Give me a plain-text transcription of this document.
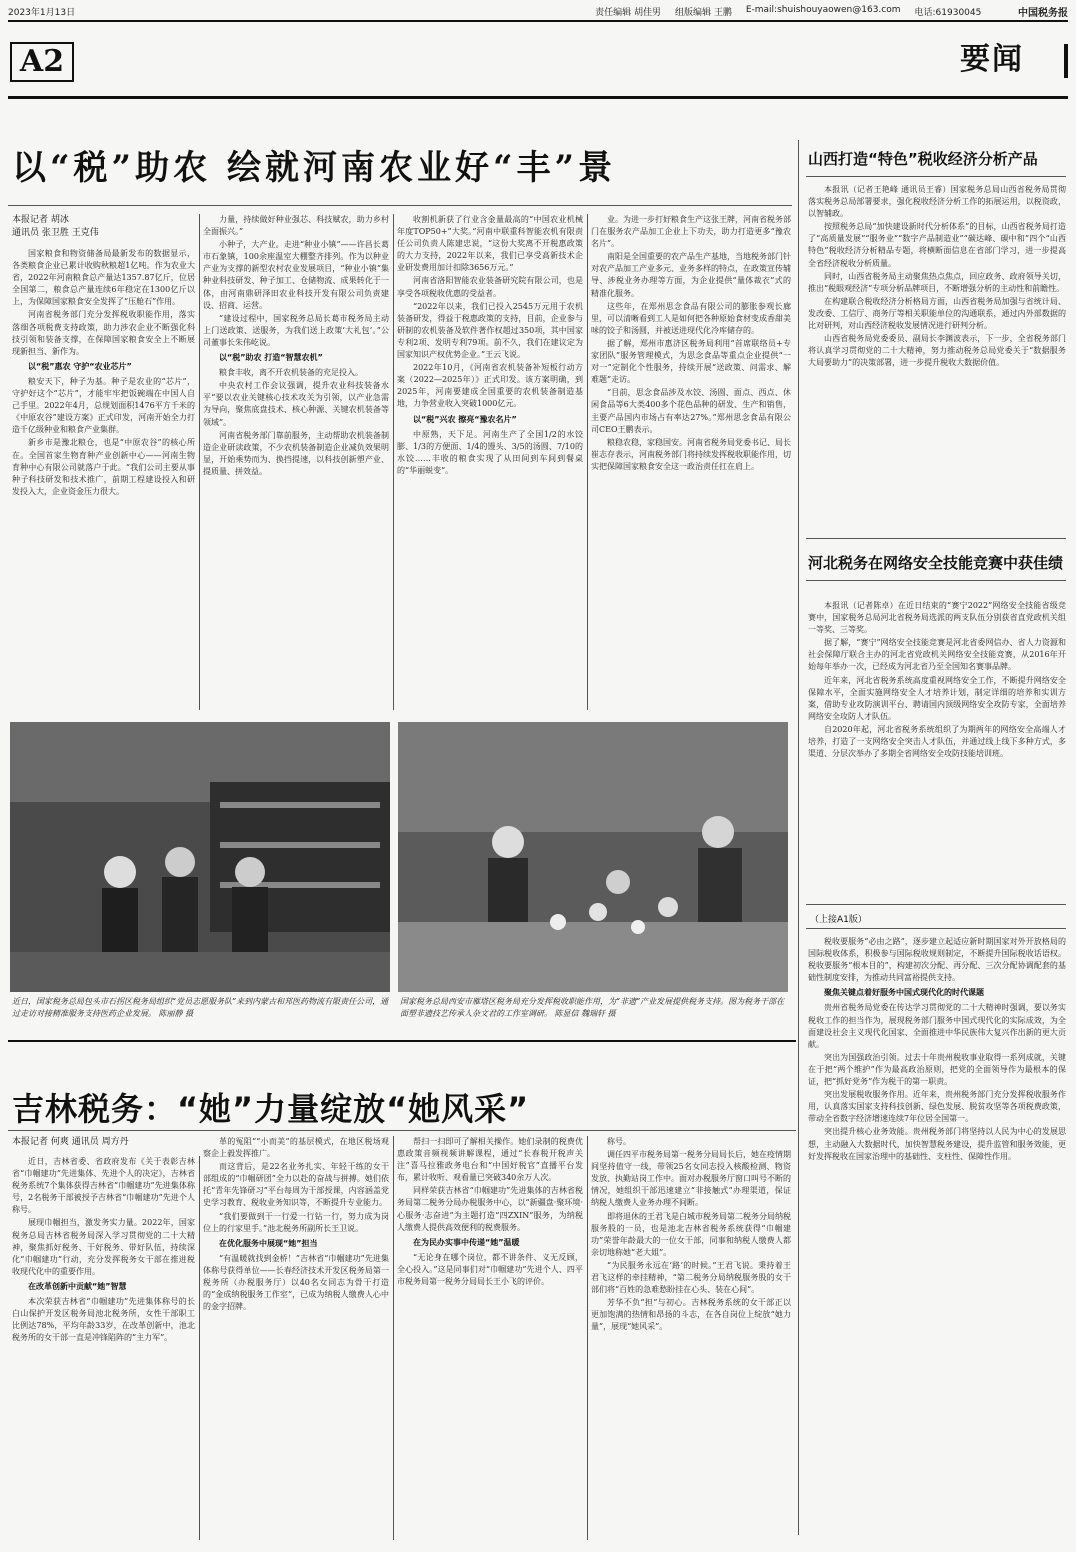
2023年1月13日	责任编辑 胡佳男 组版编辑 王鹏 E-mail:shuishouyaowen@163.com 电话:61930045	中国税务报
A2	要闻
以“税”助农 绘就河南农业好“丰”景
本报记者 胡冰
通讯员 张卫胜 王克伟

国家粮食和物资储备局最新发布的数据显示，各类粮食企业已累计收购秋粮超1亿吨。作为农业大省，2022年河南粮食总产量达1357.87亿斤，位居全国第二，粮食总产量连续6年稳定在1300亿斤以上，为保障国家粮食安全发挥了“压舱石”作用。

河南省税务部门充分发挥税收职能作用，落实落细各项税费支持政策，助力涉农企业不断强化科技引领和装备支撑，在保障国家粮食安全上不断展现新担当、新作为。

以“税”惠农 守护“农业芯片”

粮安天下，种子为基。种子是农业的“芯片”，守护好这个“芯片”，才能牢牢把饭碗端在中国人自己手里。2022年4月，总规划面积1476平方千米的《中原农谷”建设方案》正式印发，河南开始全力打造千亿级种业和粮食产业集群。

新乡市是豫北粮仓，也是“中原农谷”的核心所在。全国首家生物育种产业创新中心——河南生物育种中心有限公司就落户于此。“我们公司主要从事种子科技研发和技术推广，前期工程建设投入和研发投入大，企业资金压力很大。

力量，持续做好种业强芯、科技赋农，助力乡村全面振兴。”

小种子，大产业。走进“种业小镇”——许昌长葛市石象镇，100余座温室大棚整齐排列。作为以种业产业为支撑的新型农村农业发展项目，“种业小镇”集种业科技研发、种子加工、仓储物流、成果转化于一体，由河南鼎研泽田农业科技开发有限公司负责建设、招商、运营。

“建设过程中，国家税务总局长葛市税务局主动上门送政策、送服务，为我们送上政策‘大礼包’。”公司董事长朱伟屹说。

以“税”助农 打造“智慧农机”

粮食丰收，离不开农机装备的充足投入。

中央农村工作会议强调，提升农业科技装备水平“要以农业关键核心技术攻关为引领，以产业急需为导向，聚焦底盘技术、核心种源、关键农机装备等领域”。

河南省税务部门靠前服务，主动帮助农机装备制造企业研读政策，不少农机装备制造企业减负效果明显，开始乘势而为、换挡提速，以科技创新塑产业、提质量、拼效益。

收割机新获了行业含金量最高的“中国农业机械年度TOP50+”大奖。”河南中联重科智能农机有限责任公司负责人陈建忠说，“这份大奖离不开税惠政策的大力支持，2022年以来，我们已享受高新技术企业研发费用加计扣除3656万元。”

河南省洛阳智能农业装备研究院有限公司，也是享受各项税收优惠的受益者。

“2022年以来，我们已投入2545万元用于农机装备研发，得益于税惠政策的支持，目前，企业参与研制的农机装备及软件著作权超过350项，其中国家专利2项、发明专利79项。前不久，我们在建议定为国家知识产权优势企业。”王云飞说。

2022年10月，《河南省农机装备补短板行动方案（2022—2025年）》正式印发。该方案明确，到2025年，河南要建成全国重要的农机装备制造基地，力争营业收入突破1000亿元。

以“税”兴农 擦亮“豫农名片”

中原熟，天下足。河南生产了全国1/2的水饺膨、1/3的方便面、1/4的馒头、3/5的汤圆、7/10的水饺……丰收的粮食实现了从田间到车间到餐桌的“华丽蜕变”。

业。为进一步打好粮食生产这张王牌，河南省税务部门在服务农产品加工企业上下功夫，助力打造更多“豫农名片”。

南阳是全国重要的农产品生产基地，当地税务部门针对农产品加工产业多元、业务多样的特点，在政策宣传辅导、涉税业务办理等方面，为企业提供“量体裁衣”式的精准化服务。

这些年，在郑州思念食品有限公司的膨胀参观长廊里，可以清晰看到工人是如何把各种原始食材变成香甜美味的饺子和汤圆，并被送进现代化冷库储存的。

据了解，郑州市惠济区税务局利用“首席联络员+专家团队”服务管理模式，为思念食品等重点企业提供“一对一”定制化个性服务，持续开展“送政策、问需求、解难题”走访。

“目前，思念食品涉及水饺、汤圆、面点、西点、休闲食品等6大类400多个花色品种的研发、生产和销售，主要产品国内市场占有率达27%。”郑州思念食品有限公司CEO王鹏表示。

粮稳农稳，家稳国安。河南省税务局党委书记、局长崔志存表示，河南税务部门将持续发挥税收职能作用，切实把保障国家粮食安全这一政治责任扛在肩上。

近日，国家税务总局包头市石拐区税务局组织“党员志愿服务队”来到内蒙古和邦医药物流有限责任公司，通过走访对接精准服务支持医药企业发展。 陈丽静 摄
国家税务总局西安市雁塔区税务局充分发挥税收职能作用，为“非遗”产业发展提供税务支持。图为税务干部在面塑非遗技艺传承人杂文君的工作室调研。 陈显信 魏瑞轩 摄
山西打造“特色”税收经济分析产品

本报讯（记者王艳峰 通讯员王睿）国家税务总局山西省税务局贯彻落实税务总局部署要求，强化税收经济分析工作的拓展运用，以税资政，以智辅政。

按照税务总局“加快建设新时代分析体系”的目标，山西省税务局打造了“高质量发展”“服务业”“数字产品制造业”“碳达峰、碳中和”四个“山西特色”税收经济分析精品专题，将横断面信息在省部门学习，进一步提高全省经济税收分析质量。

同时，山西省税务局主动聚焦热点焦点，回应政务、政府领导关切，推出“税眼观经济”专项分析品牌项目，不断增强分析的主动性和前瞻性。

在构建联合税收经济分析格局方面，山西省税务局加强与省统计局、发改委、工信厅、商务厅等相关职能单位的沟通联系，通过内外部数据的比对研判，对山西经济税收发展情况进行研判分析。

山西省税务局党委委员、副局长李渊波表示，下一步，全省税务部门将认真学习贯彻党的二十大精神，努力推动税务总局党委关于“数据服务大局要助力”的决策部署，进一步提升税收大数据价值。

河北税务在网络安全技能竞赛中获佳绩

本报讯（记者陈卓）在近日结束的“赛宁2022”网络安全技能省级竞赛中，国家税务总局河北省税务局选派的两支队伍分别获省直党政机关组一等奖、三等奖。

据了解，“赛宁”网络安全技能竞赛是河北省委网信办、省人力资源和社会保障厅联合主办的河北省党政机关网络安全技能竞赛，从2016年开始每年举办一次，已经成为河北省乃至全国知名赛事品牌。

近年来，河北省税务系统高度重视网络安全工作，不断提升网络安全保障水平，全面实施网络安全人才培养计划，制定详细的培养和实训方案，借助专业攻防演训平台、聘请国内顶级网络安全攻防专家，全面培养网络安全攻防人才队伍。

自2020年起，河北省税务系统组织了为期两年的网络安全高端人才培养，打造了一支网络安全突击人才队伍，并通过线上线下多种方式，多渠道、分层次举办了多期全省网络安全攻防技能培训班。

（上接A1版）

税收要服务“必由之路”，逐步建立起适应新时期国家对外开放格局的国际税收体系，积极参与国际税收规则制定，不断提升国际税收话语权。税收要服务“根本目的”，构建初次分配、再分配、三次分配协调配套的基础性制度安排，为推动共同富裕提供支持。

聚焦关键点着好服务中国式现代化的时代课题

贵州省税务局党委在传达学习贯彻党的二十大精神时强调，要以务实税收工作的担当作为，展现税务部门服务中国式现代化的实际成效，为全面建设社会主义现代化国家、全面推进中华民族伟大复兴作出新的更大贡献。

突出为国强政治引领。过去十年贵州税收事业取得一系列成就，关键在于把“两个维护”作为最高政治原则，把党的全面领导作为最根本的保证，把“抓好党务”作为税干的第一职责。

突出发展税收服务作用。近年来，贵州税务部门充分发挥税收服务作用，认真落实国家支持科技创新、绿色发展、脱贫攻坚等各项税费政策，带动全省数字经济增速连续7年位居全国第一。

突出提升核心业务效能。贵州税务部门将坚持以人民为中心的发展思想，主动融入大数据时代，加快智慧税务建设，提升监管和服务效能，更好发挥税收在国家治理中的基础性、支柱性、保障性作用。

吉林税务：“她”力量绽放“她风采”
本报记者 何爽 通讯员 周方丹

近日，吉林省委、省政府发布《关于表彰吉林省“巾帼建功”先进集体、先进个人的决定》，吉林省税务系统7个集体获得吉林省“巾帼建功”先进集体称号，2名税务干部被授予吉林省“巾帼建功”先进个人称号。

展现巾帼担当，激发务实力量。2022年，国家税务总局吉林省税务局深入学习贯彻党的二十大精神，聚焦抓好税务、干好税务、带好队伍，持续深化“巾帼建功”行动，充分发挥税务女干部在推进税收现代化中的重要作用。

在改革创新中贡献“她”智慧

本次荣获吉林省“巾帼建功”先进集体称号的长白山保护开发区税务局池北税务所，女性干部职工比例达78%，平均年龄33岁，在改革创新中，池北税务所的女干部一直是冲锋陷阵的“主力军”。

革的冤阻”“小而美”的基层模式，在地区税场观察企上毅发挥推广。

而这背后，是22名业务扎实、年轻干练的女干部组成的“巾帼研团”全力以赴的奋战与拼搏。她们依托“青年先锋研习”平台每周为干部授课，内容涵盖党史学习教育、税收业务知识等，不断提升专业能力。

“我们要做到干一行爱一行钻一行，努力成为岗位上的行家里手。”池北税务所副所长王卫说。

在优化服务中展现“她”担当

“有温暖就找到金桥！”吉林省“巾帼建功”先进集体称号获得单位——长春经济技术开发区税务局第一税务所（办税服务厅）以40名女同志为骨干打造的“金成纳税服务工作室”，已成为纳税人缴费人心中的金字招牌。

帮扫一扫即可了解相关操作。她们录制的税费优惠政策音频视频讲解课程，通过“长春税开税声关注”喜马拉雅政务电台和“中国好税官”直播平台发布，累计收听、观看量已突破340余万人次。

同样荣获吉林省“巾帼建功”先进集体的吉林省税务局第二税务分局办税服务中心，以“新疆盘·聚环境·心服务·志奋进”为主题打造“四ZXIN”服务，为纳税人缴费人提供高效便利的税费服务。

在为民办实事中传递“她”温暖

“无论身在哪个岗位，都不讲条件、义无反顾，全心投入。”这是同事们对“巾帼建功”先进个人、四平市税务局第一税务分局局长王小飞的评价。

称号。

调任四平市税务局第一税务分局局长后，她在疫情期间坚持值守一线，带领25名女同志投入核酸检测、物资发放、执勤站岗工作中。面对办税服务厅窗口叫号不断的情况，她组织干部迅速建立“非接触式”办理渠道，保证纳税人缴费人业务办理不间断。

即将退休的王君飞是白城市税务局第二税务分局纳税服务股的一员，也是池北吉林省税务系统获得“巾帼建功”荣誉年龄最大的一位女干部，同事和纳税人缴费人都亲切地称她“老大姐”。

“为民服务永远在‘路’的时候。”王君飞说。秉持着王君飞这样的牵挂精神，“第二税务分局纳税服务股的女干部们将“百姓的急难愁盼挂在心头、装在心间”。

芳华不负“担”与初心。吉林税务系统的女干部正以更加饱满的热情和昂扬的斗志，在各自岗位上绽放“她力量”，展现“她风采”。
